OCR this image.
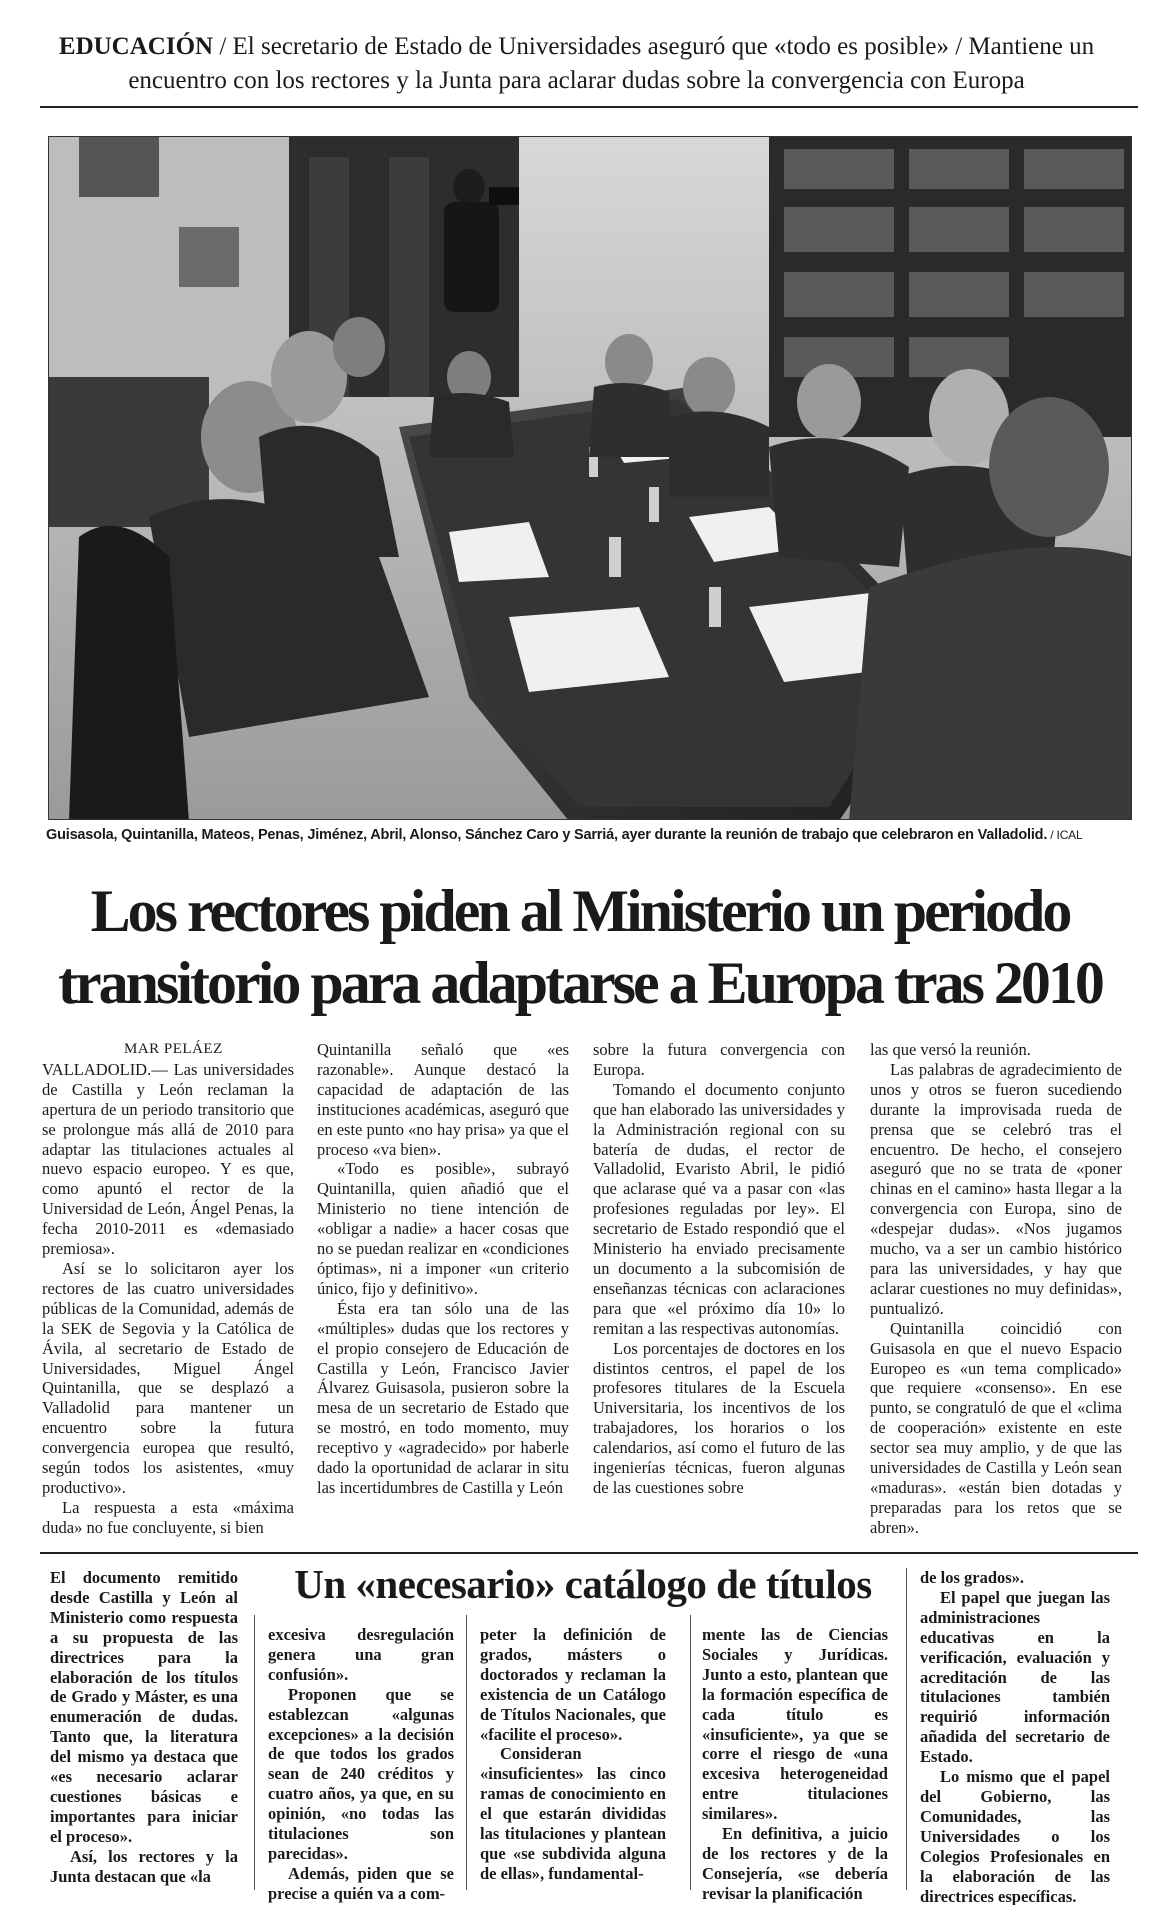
EDUCACIÓN / El secretario de Estado de Universidades aseguró que «todo es posible» / Mantiene un encuentro con los rectores y la Junta para aclarar dudas sobre la convergencia con Europa
Guisasola, Quintanilla, Mateos, Penas, Jiménez, Abril, Alonso, Sánchez Caro y Sarriá, ayer durante la reunión de trabajo que celebraron en Valladolid. / ICAL
Los rectores piden al Ministerio un periodo transitorio para adaptarse a Europa tras 2010
MAR PELÁEZ

VALLADOLID.— Las universidades de Castilla y León reclaman la apertura de un periodo transitorio que se prolongue más allá de 2010 para adaptar las titulaciones actuales al nuevo espacio europeo. Y es que, como apuntó el rector de la Universidad de León, Ángel Penas, la fecha 2010-2011 es «demasiado premiosa».

Así se lo solicitaron ayer los rectores de las cuatro universidades públicas de la Comunidad, además de la SEK de Segovia y la Católica de Ávila, al secretario de Estado de Universidades, Miguel Ángel Quintanilla, que se desplazó a Valladolid para mantener un encuentro sobre la futura convergencia europea que resultó, según todos los asistentes, «muy productivo».

La respuesta a esta «máxima duda» no fue concluyente, si bien

Quintanilla señaló que «es razonable». Aunque destacó la capacidad de adaptación de las instituciones académicas, aseguró que en este punto «no hay prisa» ya que el proceso «va bien».

«Todo es posible», subrayó Quintanilla, quien añadió que el Ministerio no tiene intención de «obligar a nadie» a hacer cosas que no se puedan realizar en «condiciones óptimas», ni a imponer «un criterio único, fijo y definitivo».

Ésta era tan sólo una de las «múltiples» dudas que los rectores y el propio consejero de Educación de Castilla y León, Francisco Javier Álvarez Guisasola, pusieron sobre la mesa de un secretario de Estado que se mostró, en todo momento, muy receptivo y «agradecido» por haberle dado la oportunidad de aclarar in situ las incertidumbres de Castilla y León

sobre la futura convergencia con Europa.

Tomando el documento conjunto que han elaborado las universidades y la Administración regional con su batería de dudas, el rector de Valladolid, Evaristo Abril, le pidió que aclarase qué va a pasar con «las profesiones reguladas por ley». El secretario de Estado respondió que el Ministerio ha enviado precisamente un documento a la subcomisión de enseñanzas técnicas con aclaraciones para que «el próximo día 10» lo remitan a las respectivas autonomías.

Los porcentajes de doctores en los distintos centros, el papel de los profesores titulares de la Escuela Universitaria, los incentivos de los trabajadores, los horarios o los calendarios, así como el futuro de las ingenierías técnicas, fueron algunas de las cuestiones sobre

las que versó la reunión.

Las palabras de agradecimiento de unos y otros se fueron sucediendo durante la improvisada rueda de prensa que se celebró tras el encuentro. De hecho, el consejero aseguró que no se trata de «poner chinas en el camino» hasta llegar a la convergencia con Europa, sino de «despejar dudas». «Nos jugamos mucho, va a ser un cambio histórico para las universidades, y hay que aclarar cuestiones no muy definidas», puntualizó.

Quintanilla coincidió con Guisasola en que el nuevo Espacio Europeo es «un tema complicado» que requiere «consenso». En ese punto, se congratuló de que el «clima de cooperación» existente en este sector sea muy amplio, y de que las universidades de Castilla y León sean «maduras». «están bien dotadas y preparadas para los retos que se abren».

Un «necesario» catálogo de títulos

El documento remitido desde Castilla y León al Ministerio como respuesta a su propuesta de las directrices para la elaboración de los títulos de Grado y Máster, es una enumeración de dudas. Tanto que, la literatura del mismo ya destaca que «es necesario aclarar cuestiones básicas e importantes para iniciar el proceso».

Así, los rectores y la Junta destacan que «la

excesiva desregulación genera una gran confusión».

Proponen que se establezcan «algunas excepciones» a la decisión de que todos los grados sean de 240 créditos y cuatro años, ya que, en su opinión, «no todas las titulaciones son parecidas».

Además, piden que se precise a quién va a com-

peter la definición de grados, másters o doctorados y reclaman la existencia de un Catálogo de Títulos Nacionales, que «facilite el proceso».

Consideran «insuficientes» las cinco ramas de conocimiento en el que estarán divididas las titulaciones y plantean que «se subdivida alguna de ellas», fundamental-

mente las de Ciencias Sociales y Jurídicas. Junto a esto, plantean que la formación específica de cada título es «insuficiente», ya que se corre el riesgo de «una excesiva heterogeneidad entre titulaciones similares».

En definitiva, a juicio de los rectores y de la Consejería, «se debería revisar la planificación

de los grados».

El papel que juegan las administraciones educativas en la verificación, evaluación y acreditación de las titulaciones también requirió información añadida del secretario de Estado.

Lo mismo que el papel del Gobierno, las Comunidades, las Universidades o los Colegios Profesionales en la elaboración de las directrices específicas.
